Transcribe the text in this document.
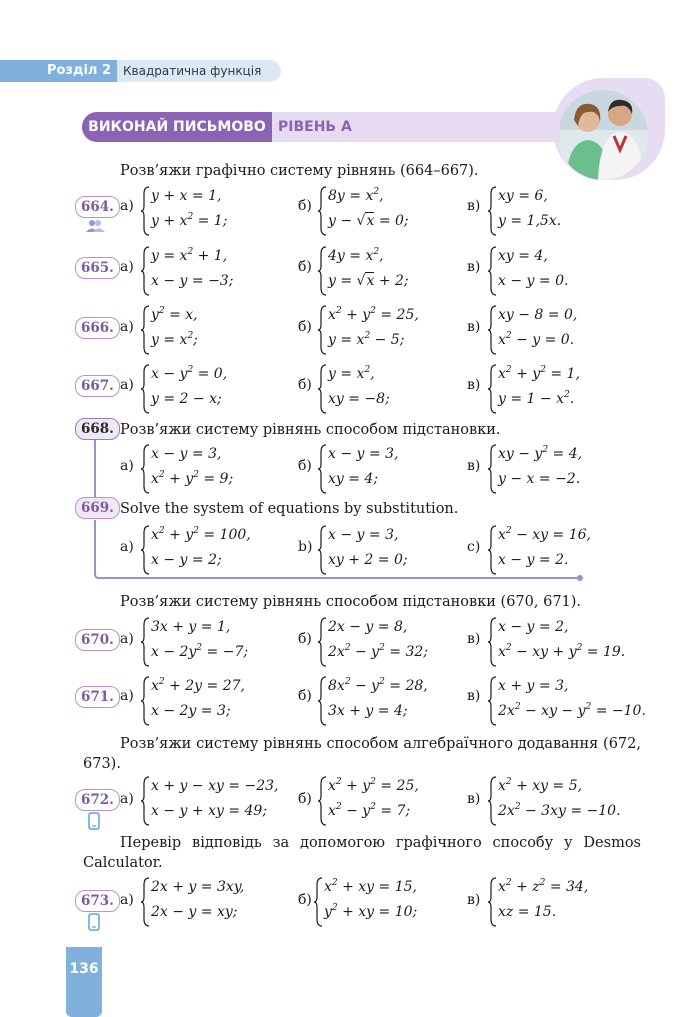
Розділ 2	Квадратична функція
ВИКОНАЙ ПИСЬМОВО РІВЕНЬ А
Розв’яжи графічно систему рівнянь (664–667).
664. а)
y + x = 1,
$y + x^2 = 1$;
б)
$8y = x^2$,
y − √x = 0;
в)
xy = 6,
y = 1,5x.
665. а)
$y = x^2 + 1$,
x − y = −3;
б)
$4y = x^2$,
y = √x + 2;
в)
xy = 4,
x − y = 0.
666. а)
$y^2 = x$,
$y = x^2$;
б)
$x^2 + y^2 = 25$,
$y = x^2 - 5$;
в)
xy − 8 = 0,
$x^2 - y = 0$.
667. а)
$x - y^2 = 0$,
y = 2 − x;
б)
$y = x^2$,
xy = −8;
в)
$x^2 + y^2 = 1$,
$y = 1 - x^2$.
668. Розв’яжи систему рівнянь способом підстановки.
а)
x − y = 3,
$x^2 + y^2 = 9$;
б)
x − y = 3,
xy = 4;
в)
xy − $y^2 = 4$,
y − x = −2.
669. Solve the system of equations by substitution.
a)
$x^2 + y^2 = 100$,
x − y = 2;
b)
x − y = 3,
xy + 2 = 0;
c)
$x^2$ − xy = 16,
x − y = 2.
Розв’яжи систему рівнянь способом підстановки (670, 671).
670. а)
3x + y = 1,
$x - 2y^2 = -7$;
б)
2x − y = 8,
$2x^2 - y^2 = 32$;
в)
x − y = 2,
$x^2$ − xy + $y^2 = 19$.
671. а)
$x^2 + 2y = 27$,
x − 2y = 3;
б)
$8x^2 - y^2 = 28$,
3x + y = 4;
в)
x + y = 3,
$2x^2$ − xy − $y^2 = -10$.
Розв’яжи систему рівнянь способом алгебраїчного додавання (672, 673).
672. а)
x + y − xy = −23,
x − y + xy = 49;
б)
$x^2 + y^2 = 25$,
$x^2 - y^2 = 7$;
в)
$x^2$ + xy = 5,
$2x^2 - 3xy = -10$.
Перевір відповідь за допомогою графічного способу у Desmos Calculator.
673. а)
2x + y = 3xy,
2x − y = xy;
б)
$x^2$ + xy = 15,
$y^2$ + xy = 10;
в)
$x^2 + z^2 = 34$,
xz = 15.
136
